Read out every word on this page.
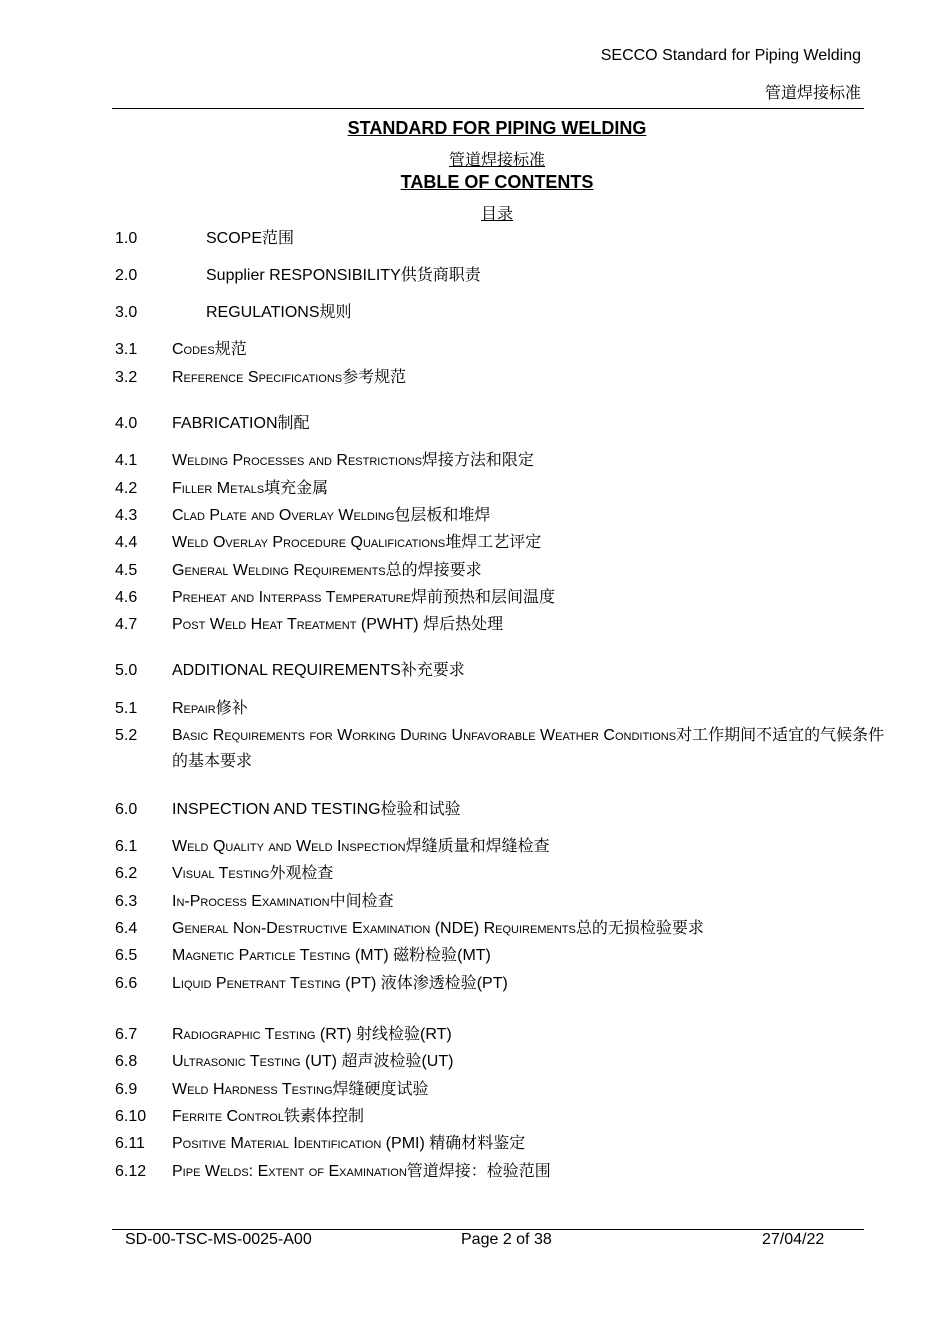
SECCO Standard for Piping Welding
管道焊接标准
STANDARD FOR PIPING WELDING
管道焊接标准
TABLE OF CONTENTS
目录
1.0	SCOPE范围
2.0	Supplier RESPONSIBILITY供货商职责
3.0	REGULATIONS规则
3.1 Codes规范
3.2 Reference Specifications参考规范
4.0 FABRICATION制配
4.1 Welding Processes and Restrictions焊接方法和限定
4.2 Filler Metals填充金属
4.3 Clad Plate and Overlay Welding包层板和堆焊
4.4 Weld Overlay Procedure Qualifications堆焊工艺评定
4.5 General Welding Requirements总的焊接要求
4.6 Preheat and Interpass Temperature焊前预热和层间温度
4.7 Post Weld Heat Treatment (PWHT) 焊后热处理
5.0 ADDITIONAL REQUIREMENTS补充要求
5.1 Repair修补
5.2 Basic Requirements for Working During Unfavorable Weather Conditions对工作期间不适宜的气候条件的基本要求
6.0 INSPECTION AND TESTING检验和试验
6.1 Weld Quality and Weld Inspection焊缝质量和焊缝检查
6.2 Visual Testing外观检查
6.3 In-Process Examination中间检查
6.4 General Non-Destructive Examination (NDE) Requirements总的无损检验要求
6.5 Magnetic Particle Testing (MT) 磁粉检验(MT)
6.6 Liquid Penetrant Testing (PT) 液体渗透检验(PT)
6.7 Radiographic Testing (RT) 射线检验(RT)
6.8 Ultrasonic Testing (UT) 超声波检验(UT)
6.9 Weld Hardness Testing焊缝硬度试验
6.10 Ferrite Control铁素体控制
6.11 Positive Material Identification (PMI) 精确材料鉴定
6.12 Pipe Welds: Extent of Examination管道焊接：检验范围
SD-00-TSC-MS-0025-A00	Page 2 of 38	27/04/22
